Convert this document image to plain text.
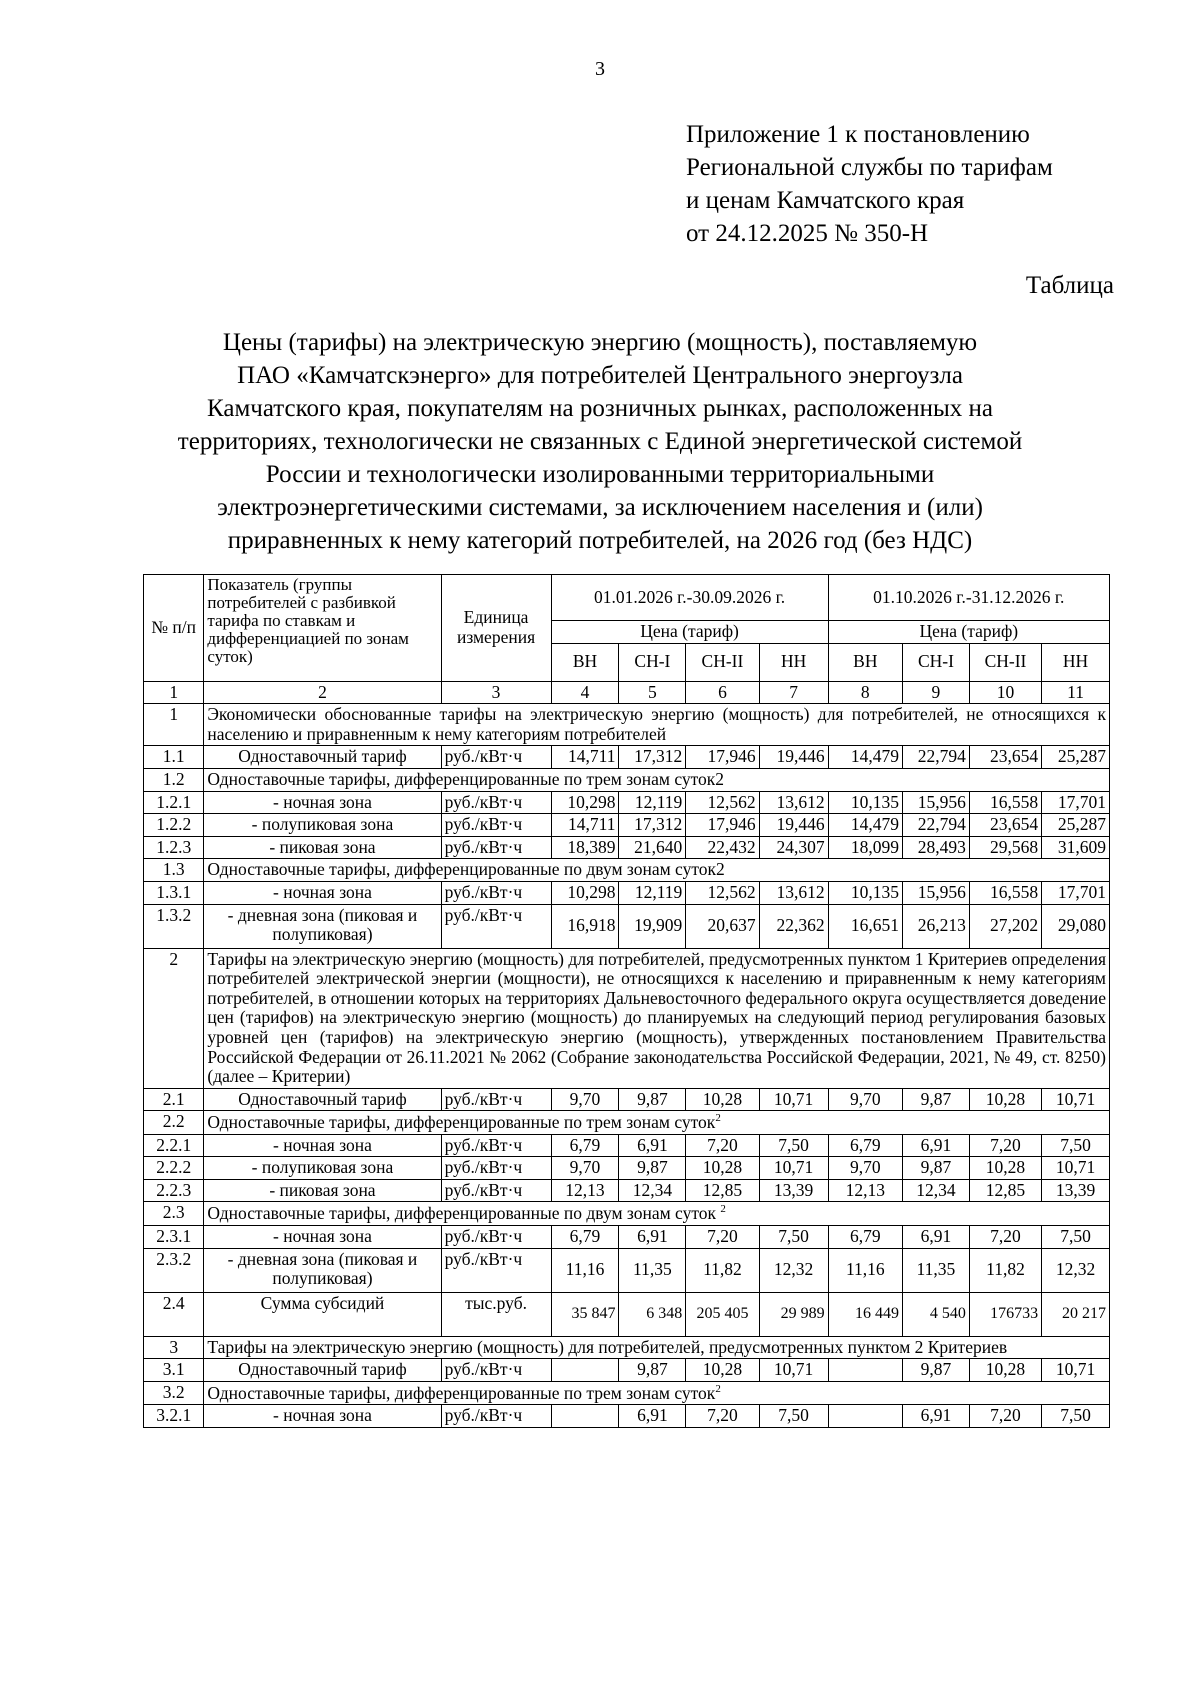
3
Приложение 1 к постановлению
Региональной службы по тарифам
и ценам Камчатского края
от 24.12.2025 № 350-Н
Таблица
Цены (тарифы) на электрическую энергию (мощность), поставляемую
ПАО «Камчатскэнерго» для потребителей Центрального энергоузла
Камчатского края, покупателям на розничных рынках, расположенных на
территориях, технологически не связанных с Единой энергетической системой
России и технологически изолированными территориальными
электроэнергетическими системами, за исключением населения и (или)
приравненных к нему категорий потребителей, на 2026 год (без НДС)
№ п/п	Показатель (группы потребителей с разбивкой тарифа по ставкам и дифференциацией по зонам суток)	Единица измерения	01.01.2026 г.-30.09.2026 г.				01.10.2026 г.-31.12.2026 г.			
			Цена (тариф)				Цена (тариф)			
			ВН	СН-I	СН-II	НН	ВН	СН-I	СН-II	НН
1	2	3	4	5	6	7	8	9	10	11
1	Экономически обоснованные тарифы на электрическую энергию (мощность) для потребителей, не относящихся к населению и приравненным к нему категориям потребителей									
1.1	Одноставочный тариф	руб./кВт·ч	14,711	17,312	17,946	19,446	14,479	22,794	23,654	25,287
1.2	Одноставочные тарифы, дифференцированные по трем зонам суток2									
1.2.1	- ночная зона	руб./кВт·ч	10,298	12,119	12,562	13,612	10,135	15,956	16,558	17,701
1.2.2	- полупиковая зона	руб./кВт·ч	14,711	17,312	17,946	19,446	14,479	22,794	23,654	25,287
1.2.3	- пиковая зона	руб./кВт·ч	18,389	21,640	22,432	24,307	18,099	28,493	29,568	31,609
1.3	Одноставочные тарифы, дифференцированные по двум зонам суток2									
1.3.1	- ночная зона	руб./кВт·ч	10,298	12,119	12,562	13,612	10,135	15,956	16,558	17,701
1.3.2	- дневная зона (пиковая и полупиковая)	руб./кВт·ч	16,918	19,909	20,637	22,362	16,651	26,213	27,202	29,080
2	Тарифы на электрическую энергию (мощность) для потребителей, предусмотренных пунктом 1 Критериев определения потребителей электрической энергии (мощности), не относящихся к населению и приравненным к нему категориям потребителей, в отношении которых на территориях Дальневосточного федерального округа осуществляется доведение цен (тарифов) на электрическую энергию (мощность) до планируемых на следующий период регулирования базовых уровней цен (тарифов) на электрическую энергию (мощность), утвержденных постановлением Правительства Российской Федерации от 26.11.2021 № 2062 (Собрание законодательства Российской Федерации, 2021, № 49, ст. 8250) (далее – Критерии)									
2.1	Одноставочный тариф	руб./кВт·ч	9,70	9,87	10,28	10,71	9,70	9,87	10,28	10,71
2.2	Одноставочные тарифы, дифференцированные по трем зонам суток$^2$
2.2.1	- ночная зона	руб./кВт·ч	6,79	6,91	7,20	7,50	6,79	6,91	7,20	7,50
2.2.2	- полупиковая зона	руб./кВт·ч	9,70	9,87	10,28	10,71	9,70	9,87	10,28	10,71
2.2.3	- пиковая зона	руб./кВт·ч	12,13	12,34	12,85	13,39	12,13	12,34	12,85	13,39
2.3	Одноставочные тарифы, дифференцированные по двум зонам суток $^2$
2.3.1	- ночная зона	руб./кВт·ч	6,79	6,91	7,20	7,50	6,79	6,91	7,20	7,50
2.3.2	- дневная зона (пиковая и полупиковая)	руб./кВт·ч	11,16	11,35	11,82	12,32	11,16	11,35	11,82	12,32
2.4	Сумма субсидий	тыс.руб.	35 847	6 348	205 405	29 989	16 449	4 540	176733	20 217
3	Тарифы на электрическую энергию (мощность) для потребителей, предусмотренных пунктом 2 Критериев									
3.1	Одноставочный тариф	руб./кВт·ч		9,87	10,28	10,71		9,87	10,28	10,71
3.2	Одноставочные тарифы, дифференцированные по трем зонам суток$^2$
3.2.1	- ночная зона	руб./кВт·ч		6,91	7,20	7,50		6,91	7,20	7,50
